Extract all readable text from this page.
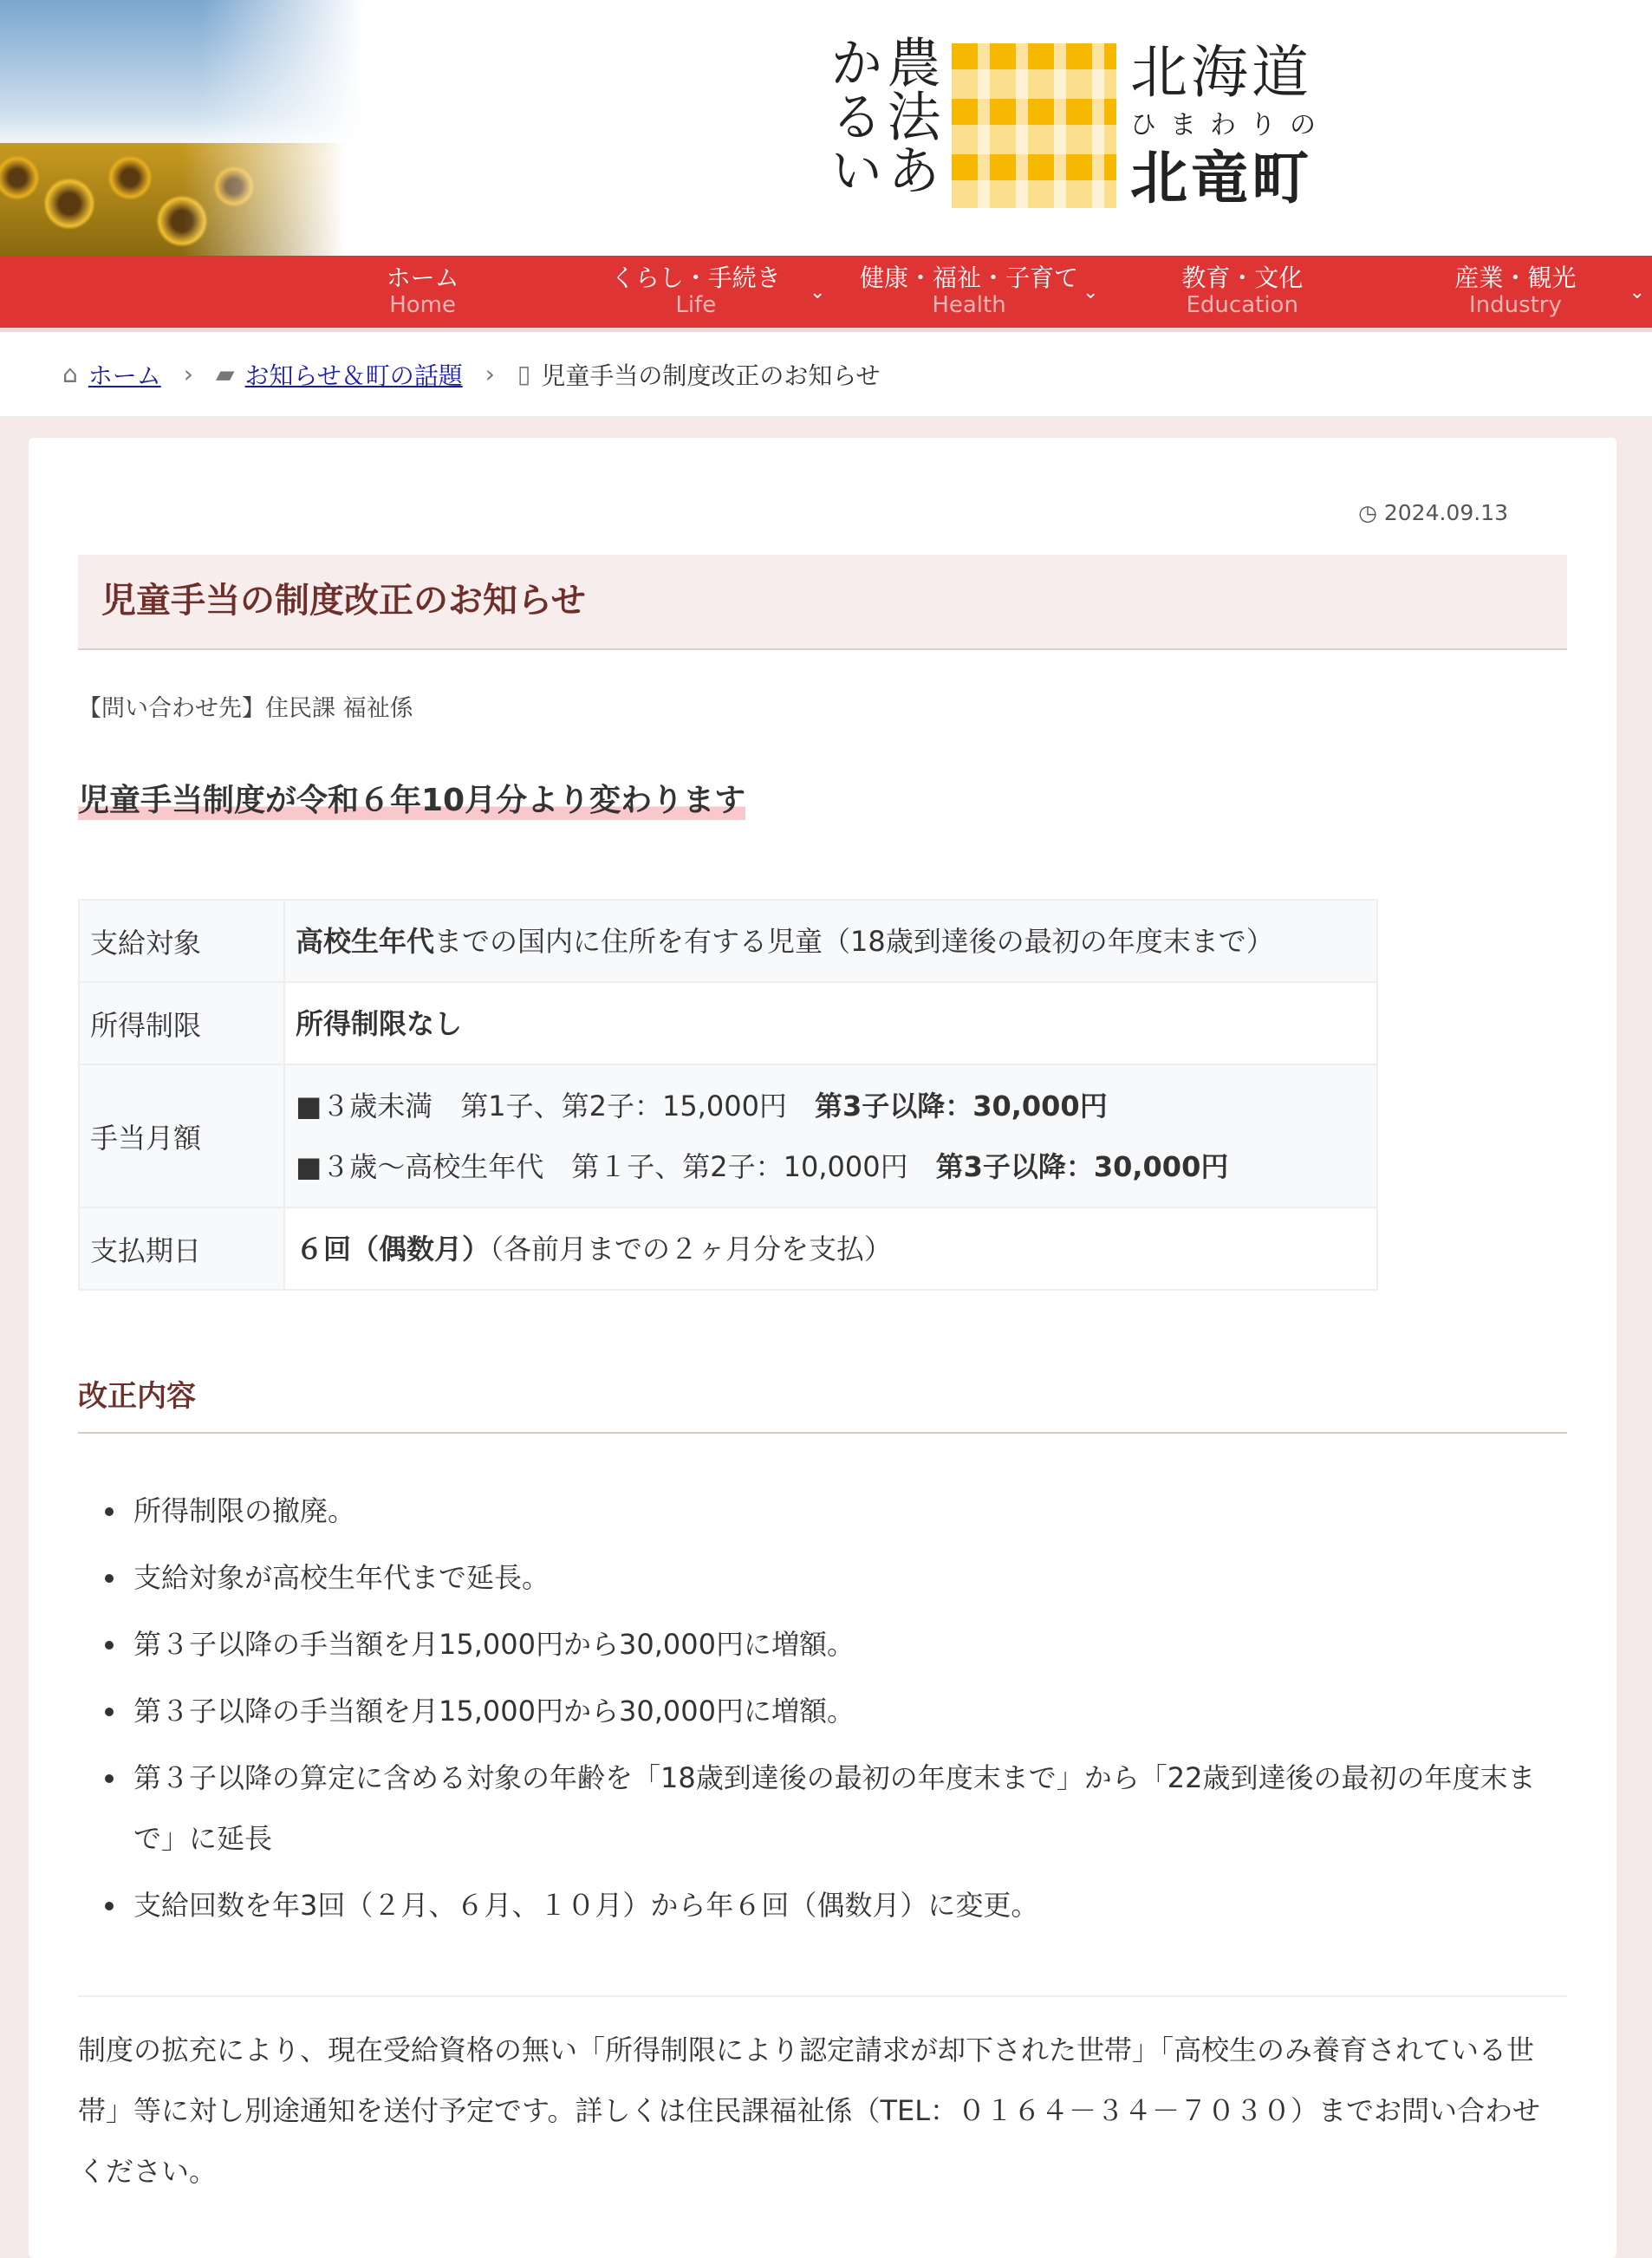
農法あかるい	北海道
ひまわりの
北竜町
ホーム
Home
くらし・手続き
Life	⌄
健康・福祉・子育て
Health	⌄
教育・文化
Education
産業・観光
Industry	⌄
⌂ ホーム › ▰ お知らせ＆町の話題 › ▯ 児童手当の制度改正のお知らせ
◷ 2024.09.13
児童手当の制度改正のお知らせ

【問い合わせ先】住民課 福祉係

児童手当制度が令和６年10月分より変わります
支給対象	高校生年代までの国内に住所を有する児童（18歳到達後の最初の年度末まで）
所得制限	所得制限なし
手当月額	■３歳未満　第1子、第2子：15,000円　第3子以降：30,000円
■３歳〜高校生年代　第１子、第2子：10,000円　第3子以降：30,000円

支払期日	６回（偶数月）（各前月までの２ヶ月分を支払）
改正内容
• 所得制限の撤廃。
• 支給対象が高校生年代まで延長。
• 第３子以降の手当額を月15,000円から30,000円に増額。
• 第３子以降の手当額を月15,000円から30,000円に増額。
• 第３子以降の算定に含める対象の年齢を「18歳到達後の最初の年度末まで」から「22歳到達後の最初の年度末まで」に延長
• 支給回数を年3回（２月、６月、１０月）から年６回（偶数月）に変更。

制度の拡充により、現在受給資格の無い「所得制限により認定請求が却下された世帯」「高校生のみ養育されている世帯」等に対し別途通知を送付予定です。詳しくは住民課福祉係（TEL：０１６４－３４－７０３０）までお問い合わせください。
